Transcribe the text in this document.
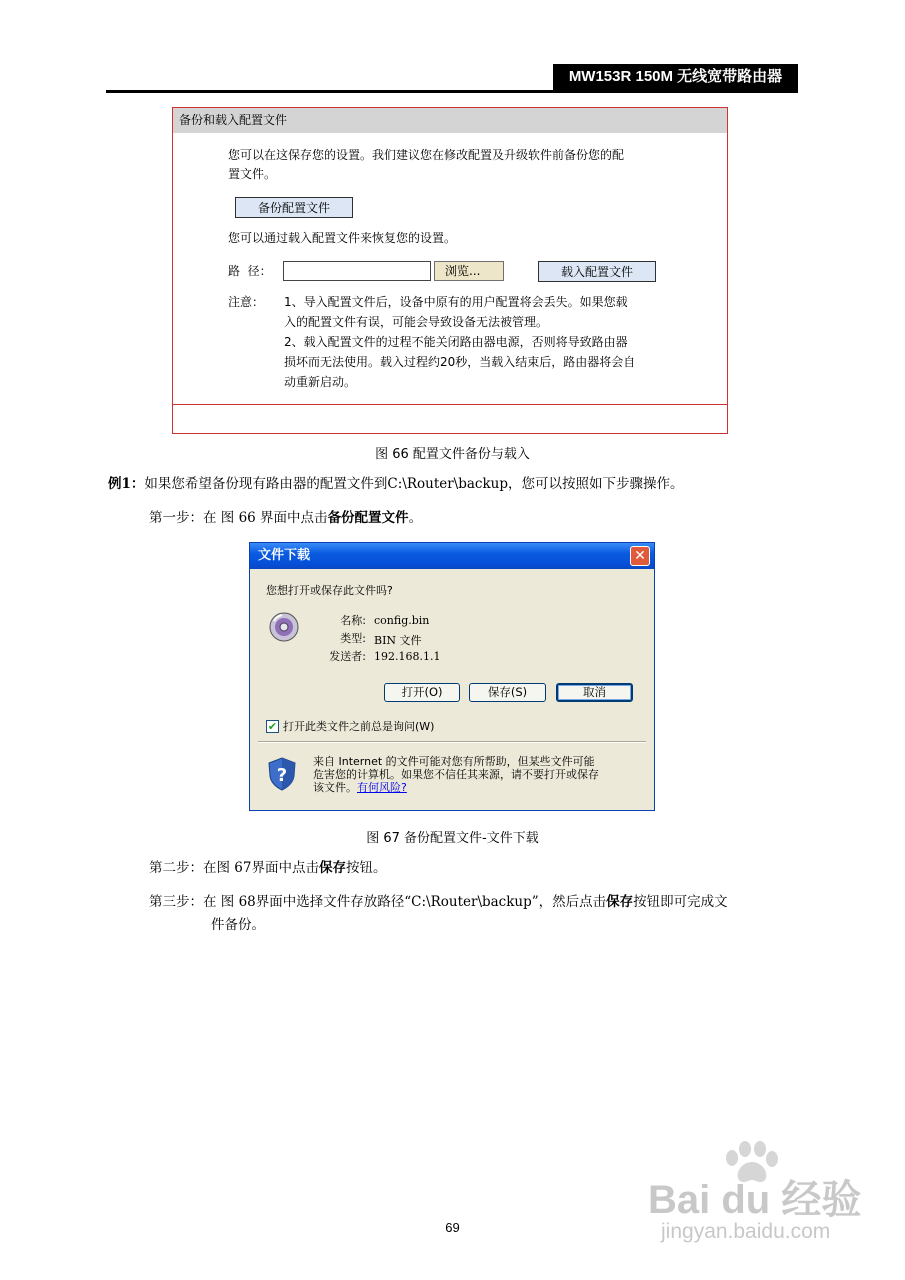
MW153R 150M 无线宽带路由器
备份和载入配置文件
您可以在这保存您的设置。我们建议您在修改配置及升级软件前备份您的配
置文件。
备份配置文件
您可以通过载入配置文件来恢复您的设置。
路  径：	浏览...	载入配置文件
注意： 1、导入配置文件后，设备中原有的用户配置将会丢失。如果您载
入的配置文件有误，可能会导致设备无法被管理。
2、载入配置文件的过程不能关闭路由器电源，否则将导致路由器
损坏而无法使用。载入过程约20秒，当载入结束后，路由器将会自
动重新启动。
图 66 配置文件备份与载入
例1：如果您希望备份现有路由器的配置文件到C:\Router\backup，您可以按照如下步骤操作。
第一步：在 图 66 界面中点击备份配置文件。
文件下载	✕
您想打开或保存此文件吗?
名称: config.bin
类型: BIN 文件
发送者: 192.168.1.1
打开(O)	保存(S)	取消
✔ 打开此类文件之前总是询问(W)
?
来自 Internet 的文件可能对您有所帮助，但某些文件可能
危害您的计算机。如果您不信任其来源，请不要打开或保存
该文件。有何风险?
图 67 备份配置文件-文件下载
第二步：在图 67界面中点击保存按钮。
第三步：在 图 68界面中选择文件存放路径“C:\Router\backup”，然后点击保存按钮即可完成文
件备份。
69
Bai du 经验
jingyan.baidu.com
